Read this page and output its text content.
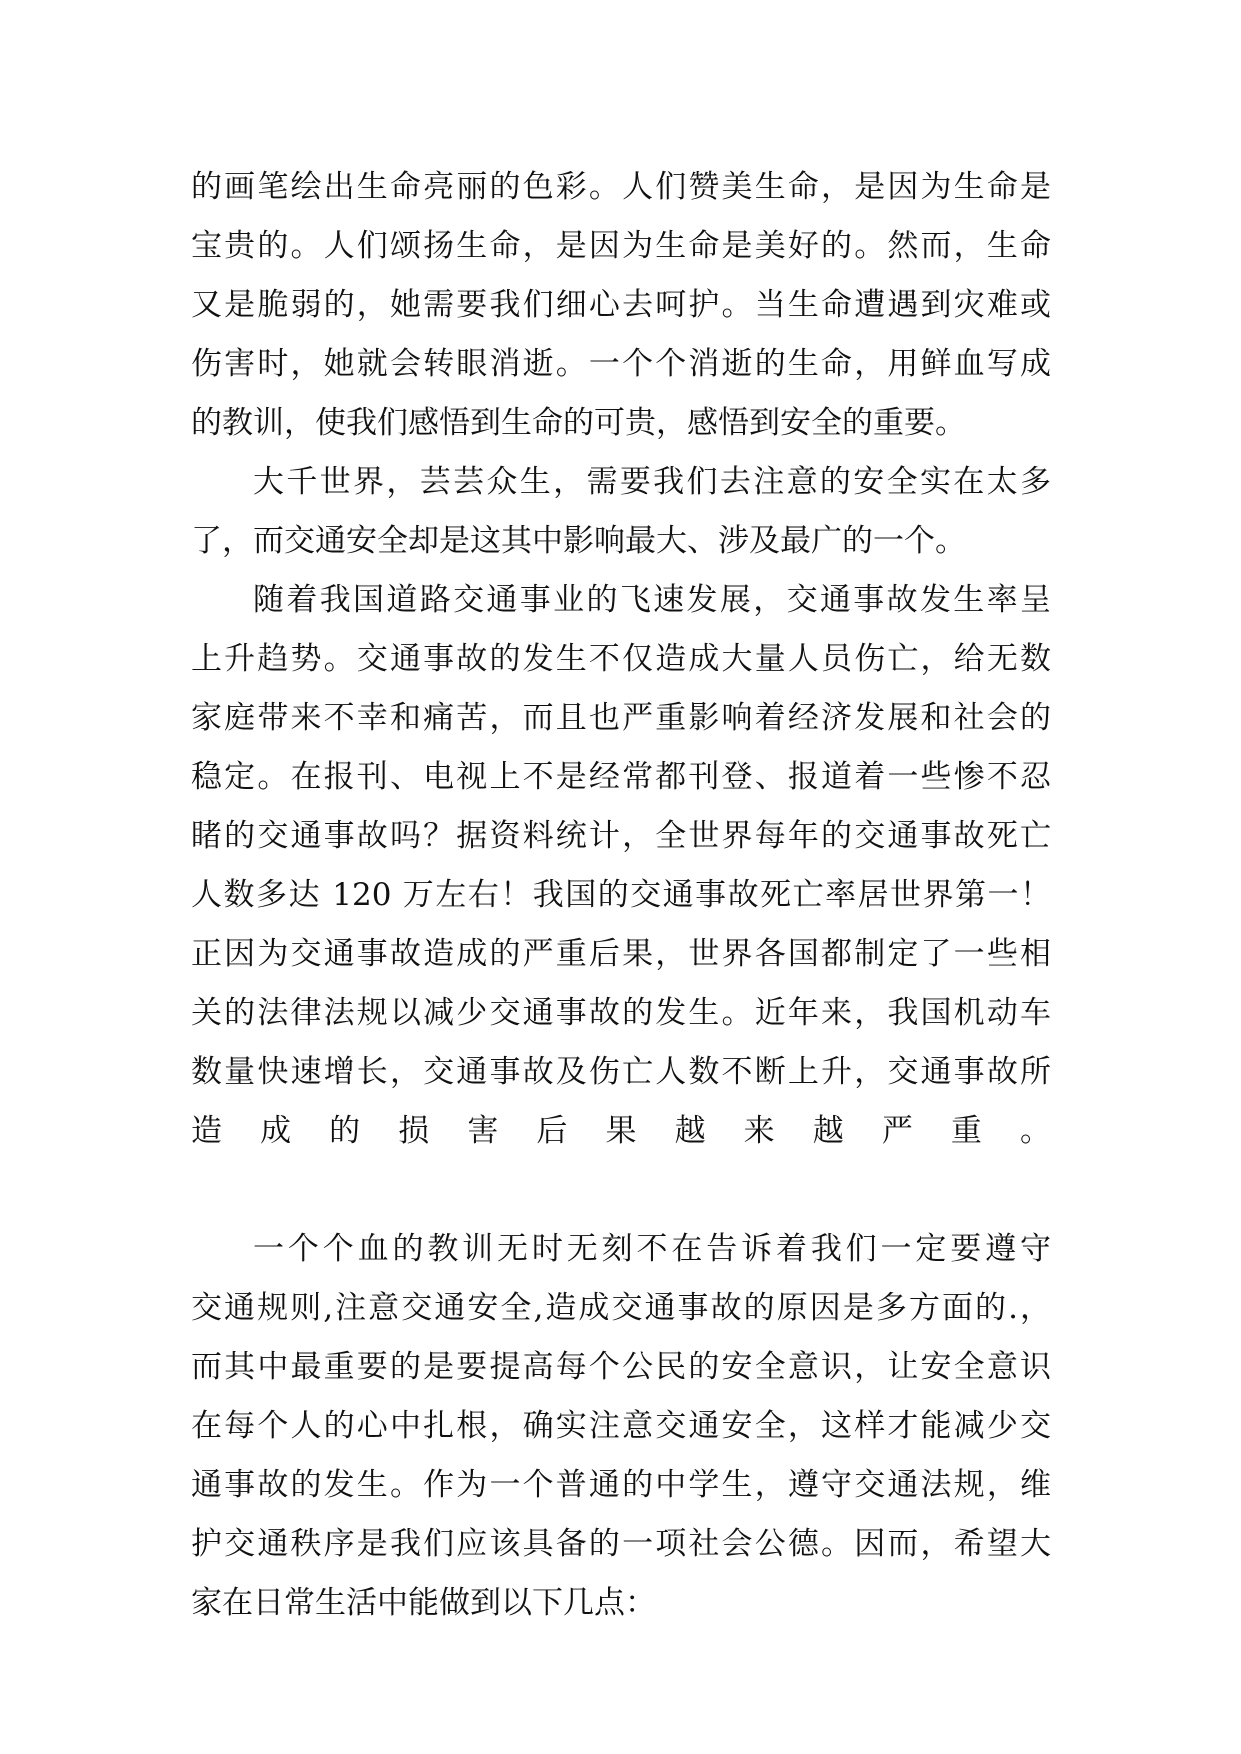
的画笔绘出生命亮丽的色彩。人们赞美生命，是因为生命是
宝贵的。人们颂扬生命，是因为生命是美好的。然而，生命
又是脆弱的，她需要我们细心去呵护。当生命遭遇到灾难或
伤害时，她就会转眼消逝。一个个消逝的生命，用鲜血写成
的教训，使我们感悟到生命的可贵，感悟到安全的重要。
大千世界，芸芸众生，需要我们去注意的安全实在太多
了，而交通安全却是这其中影响最大、涉及最广的一个。
随着我国道路交通事业的飞速发展，交通事故发生率呈
上升趋势。交通事故的发生不仅造成大量人员伤亡，给无数
家庭带来不幸和痛苦，而且也严重影响着经济发展和社会的
稳定。在报刊、电视上不是经常都刊登、报道着一些惨不忍
睹的交通事故吗？据资料统计，全世界每年的交通事故死亡
人数多达 120 万左右！我国的交通事故死亡率居世界第一！
正因为交通事故造成的严重后果，世界各国都制定了一些相
关的法律法规以减少交通事故的发生。近年来，我国机动车
数量快速增长，交通事故及伤亡人数不断上升，交通事故所
造成的损害后果越来越严重。
一个个血的教训无时无刻不在告诉着我们一定要遵守
交通规则,注意交通安全,造成交通事故的原因是多方面的.，
而其中最重要的是要提高每个公民的安全意识，让安全意识
在每个人的心中扎根，确实注意交通安全，这样才能减少交
通事故的发生。作为一个普通的中学生，遵守交通法规，维
护交通秩序是我们应该具备的一项社会公德。因而，希望大
家在日常生活中能做到以下几点：
